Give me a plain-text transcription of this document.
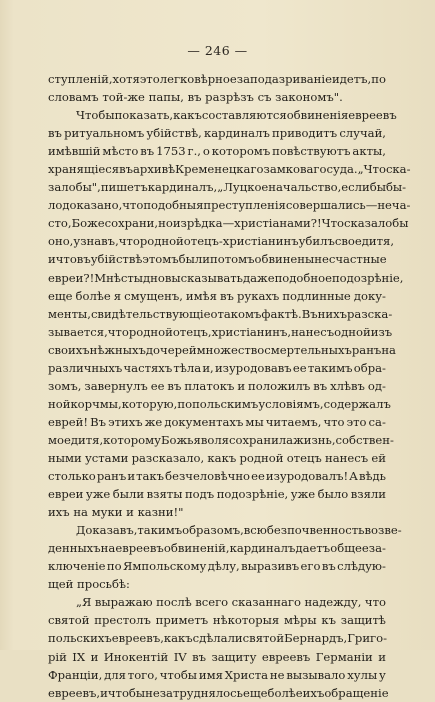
— 246 —
ступленiй, хотя это легковѣрное заподазриванiе идетъ, по
словамъ той-же папы, въ разрѣзъ съ закономъ".
Чтобы показать, какъ составляются обвиненiя евреевъ
въ ритуальномъ убiйствѣ, кардиналъ приводитъ случай,
имѣвшiй мѣсто въ 1753 г., о которомъ повѣствуютъ акты,
хранящiеся въ архивѣ Кременецкаго замковаго суда. „Что ска-
зало бы", пишетъ кардиналъ, „Луцкое начальство, еслибы бы-
ло доказано, что подобныя преступленiя совершались—не ча-
сто, Боже сохрани, но изрѣдка—христiанами?! Что сказало бы
оно, узнавъ, что родной отецъ-христiанинъ убилъ свое дитя,
и что въ убiйствѣ этомъ были потомъ обвинены несчастные
евреи?! Мнѣ стыдно высказывать даже подобное подозрѣнiе,
еще болѣе я смущенъ, имѣя въ рукахъ подлинные доку-
менты, свидѣтельствующiе о такомъ фактѣ. Въ нихъ разска-
зывается, что родной отецъ, христiанинъ, нанесъ одной изъ
своихъ нѣжныхъ дочерей множество смертельныхъ ранъ на
различныхъ частяхъ тѣла и, изуродовавъ ее такимъ обра-
зомъ, завернулъ ее въ платокъ и положилъ въ хлѣвъ од-
ной корчмы, которую, по польскимъ условiямъ, содержалъ
еврей! Въ этихъ же документахъ мы читаемъ, что это са-
мое дитя, которому Божья воля сохранила жизнь, собствен-
ными устами разсказало, какъ родной отецъ нанесъ ей
столько ранъ и такъ безчеловѣчно ее изуродовалъ! А вѣдь
евреи уже были взяты подъ подозрѣнiе, уже было взяли
ихъ на муки и казни!"
Доказавъ, такимъ образомъ, всю безпочвенность возве-
денныхъ на евреевъ обвиненiй, кардиналъ даетъ общее за-
ключенiе по Ямпольскому дѣлу, выразивъ его въ слѣдую-
щей просьбѣ:
„Я выражаю послѣ всего сказаннаго надежду, что
святой престолъ приметъ нѣкоторыя мѣры къ защитѣ
польскихъ евреевъ, какъ сдѣлали святой Бернардъ, Григо-
рiй IX и Инокентiй IV въ защиту евреевъ Германiи и
Францiи, для того, чтобы имя Христа не вызывало хулы у
евреевъ, и чтобы не затруднялось еще болѣе ихъ обращенiе
